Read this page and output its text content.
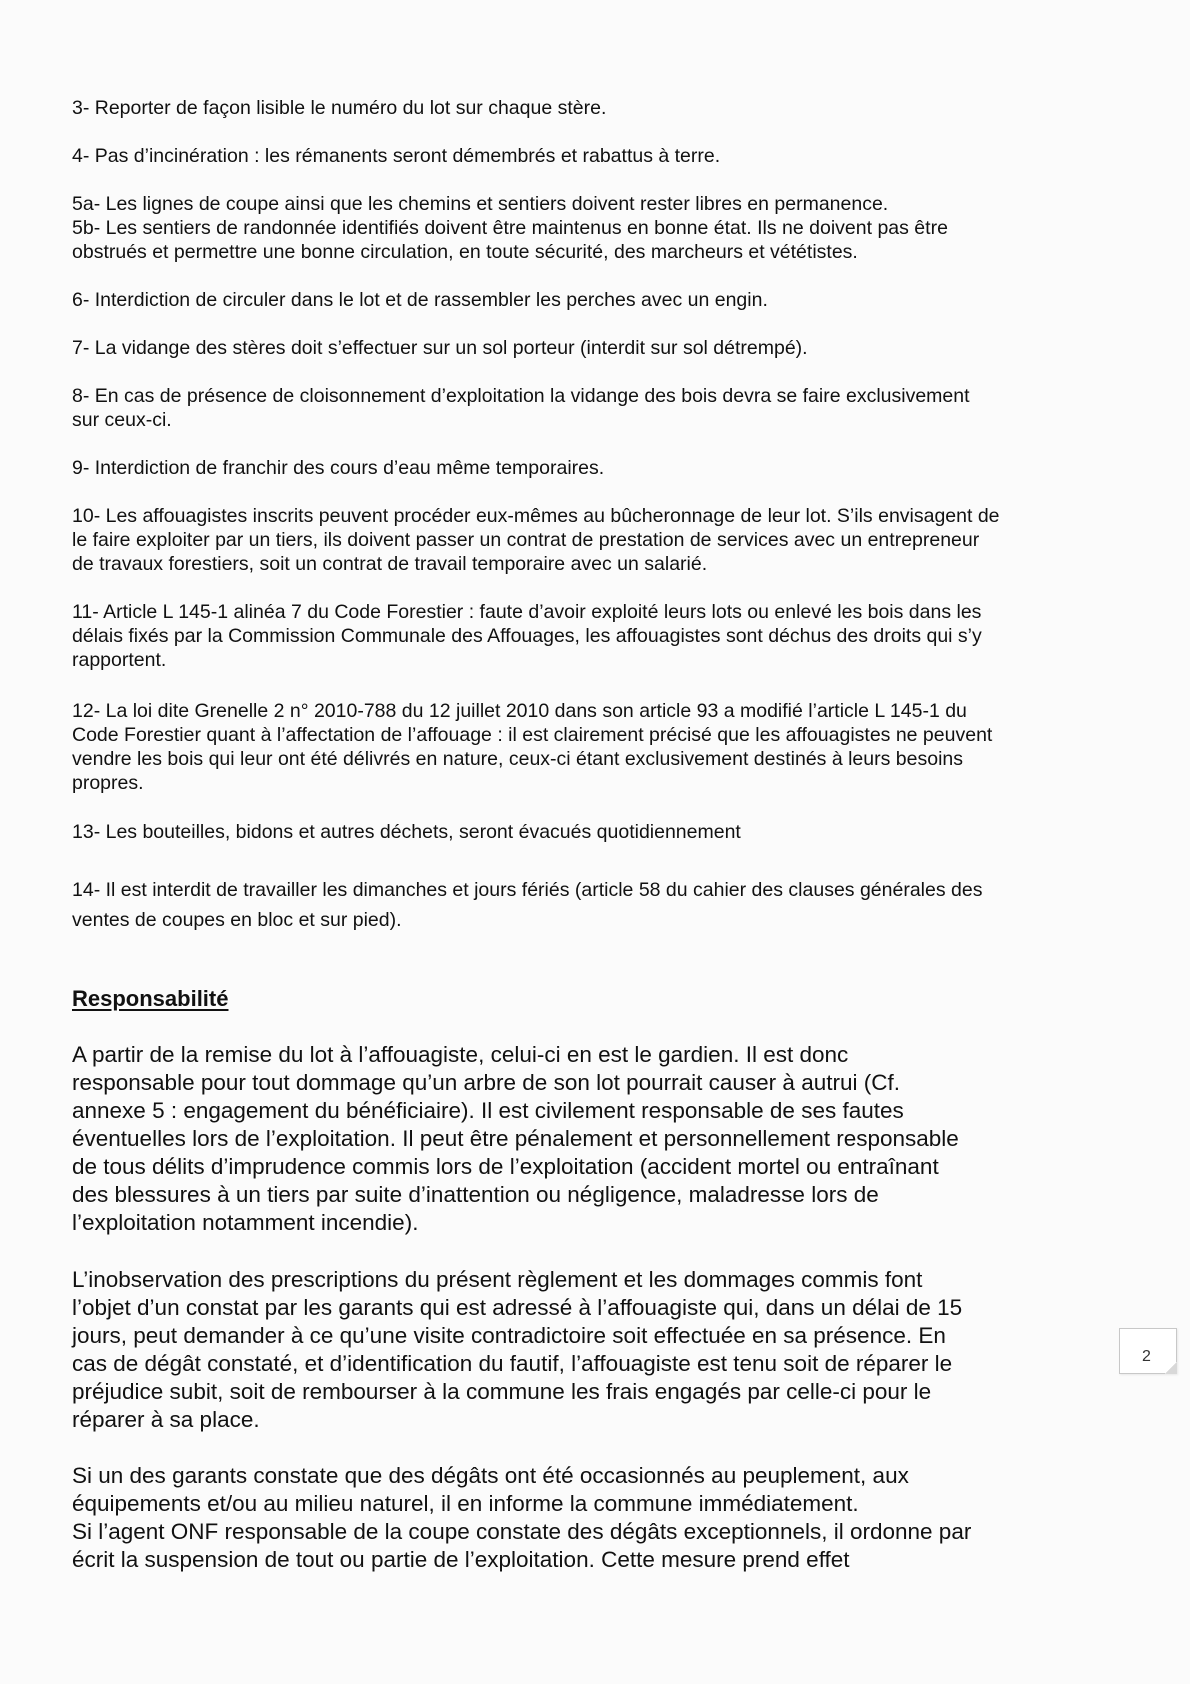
3- Reporter de façon lisible le numéro du lot sur chaque stère.

4- Pas d’incinération : les rémanents seront démembrés et rabattus à terre.

5a- Les lignes de coupe ainsi que les chemins et sentiers doivent rester libres en permanence.
5b- Les sentiers de randonnée identifiés doivent être maintenus en bonne état. Ils ne doivent pas être
obstrués et permettre une bonne circulation, en toute sécurité, des marcheurs et vététistes.

6- Interdiction de circuler dans le lot et de rassembler les perches avec un engin.

7- La vidange des stères doit s’effectuer sur un sol porteur (interdit sur sol détrempé).

8- En cas de présence de cloisonnement d’exploitation la vidange des bois devra se faire exclusivement
sur ceux-ci.

9- Interdiction de franchir des cours d’eau même temporaires.

10- Les affouagistes inscrits peuvent procéder eux-mêmes au bûcheronnage de leur lot. S’ils envisagent de
le faire exploiter par un tiers, ils doivent passer un contrat de prestation de services avec un entrepreneur
de travaux forestiers, soit un contrat de travail temporaire avec un salarié.

11- Article L 145-1 alinéa 7 du Code Forestier : faute d’avoir exploité leurs lots ou enlevé les bois dans les
délais fixés par la Commission Communale des Affouages, les affouagistes sont déchus des droits qui s’y
rapportent.

12- La loi dite Grenelle 2 n° 2010-788 du 12 juillet 2010 dans son article 93 a modifié l’article L 145-1 du
Code Forestier quant à l’affectation de l’affouage : il est clairement précisé que les affouagistes ne peuvent
vendre les bois qui leur ont été délivrés en nature, ceux-ci étant exclusivement destinés à leurs besoins
propres.

13- Les bouteilles, bidons et autres déchets, seront évacués quotidiennement

14- Il est interdit de travailler les dimanches et jours fériés (article 58 du cahier des clauses générales des
ventes de coupes en bloc et sur pied).

Responsabilité

A partir de la remise du lot à l’affouagiste, celui-ci en est le gardien. Il est donc
responsable pour tout dommage qu’un arbre de son lot pourrait causer à autrui (Cf.
annexe 5 : engagement du bénéficiaire). Il est civilement responsable de ses fautes
éventuelles lors de l’exploitation. Il peut être pénalement et personnellement responsable
de tous délits d’imprudence commis lors de l’exploitation (accident mortel ou entraînant
des blessures à un tiers par suite d’inattention ou négligence, maladresse lors de
l’exploitation notamment incendie).

L’inobservation des prescriptions du présent règlement et les dommages commis font
l’objet d’un constat par les garants qui est adressé à l’affouagiste qui, dans un délai de 15
jours, peut demander à ce qu’une visite contradictoire soit effectuée en sa présence. En
cas de dégât constaté, et d’identification du fautif, l’affouagiste est tenu soit de réparer le
préjudice subit, soit de rembourser à la commune les frais engagés par celle-ci pour le
réparer à sa place.

Si un des garants constate que des dégâts ont été occasionnés au peuplement, aux
équipements et/ou au milieu naturel, il en informe la commune immédiatement.
Si l’agent ONF responsable de la coupe constate des dégâts exceptionnels, il ordonne par
écrit la suspension de tout ou partie de l’exploitation. Cette mesure prend effet

2
